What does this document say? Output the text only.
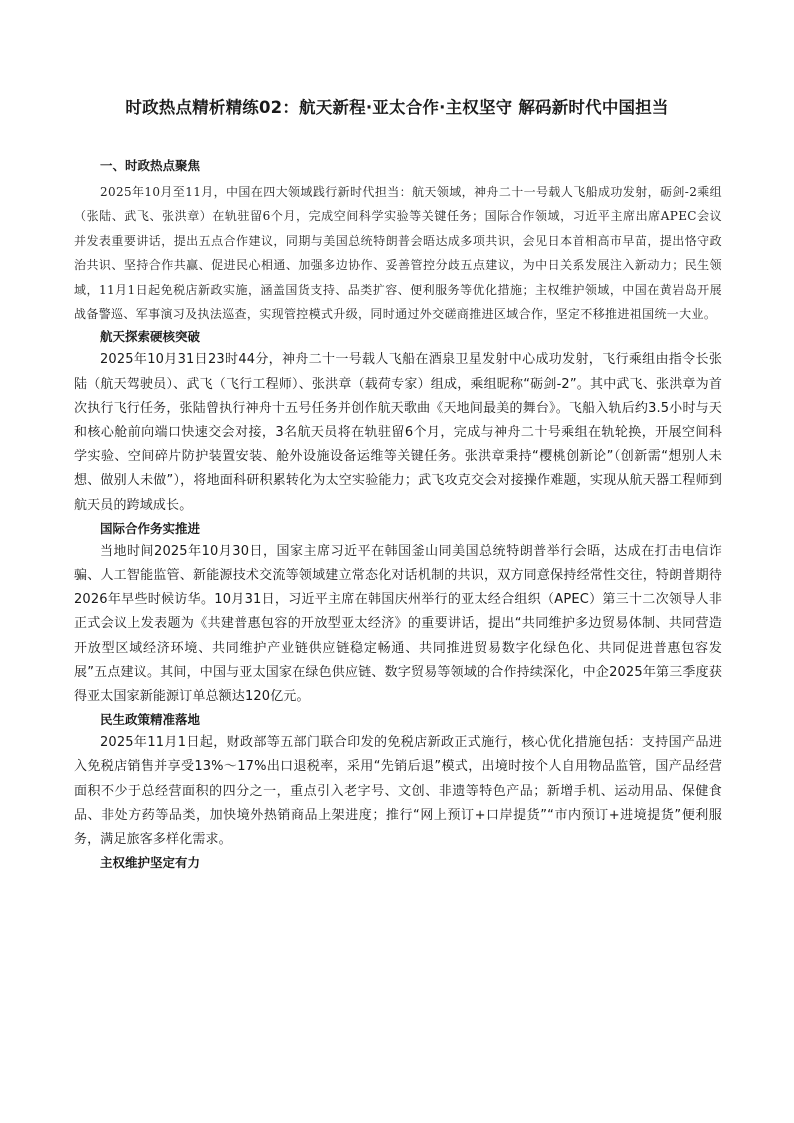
时政热点精析精练02：航天新程·亚太合作·主权坚守 解码新时代中国担当
一、时政热点聚焦

2025年10月至11月，中国在四大领域践行新时代担当：航天领域，神舟二十一号载人飞船成功发射，砺剑-2乘组（张陆、武飞、张洪章）在轨驻留6个月，完成空间科学实验等关键任务；国际合作领域，习近平主席出席APEC会议并发表重要讲话，提出五点合作建议，同期与美国总统特朗普会晤达成多项共识，会见日本首相高市早苗，提出恪守政治共识、坚持合作共赢、促进民心相通、加强多边协作、妥善管控分歧五点建议，为中日关系发展注入新动力；民生领域，11月1日起免税店新政实施，涵盖国货支持、品类扩容、便利服务等优化措施；主权维护领域，中国在黄岩岛开展战备警巡、军事演习及执法巡查，实现管控模式升级，同时通过外交磋商推进区域合作，坚定不移推进祖国统一大业。

航天探索硬核突破

2025年10月31日23时44分，神舟二十一号载人飞船在酒泉卫星发射中心成功发射，飞行乘组由指令长张陆（航天驾驶员）、武飞（飞行工程师）、张洪章（载荷专家）组成，乘组昵称“砺剑-2”。其中武飞、张洪章为首次执行飞行任务，张陆曾执行神舟十五号任务并创作航天歌曲《天地间最美的舞台》。飞船入轨后约3.5小时与天和核心舱前向端口快速交会对接，3名航天员将在轨驻留6个月，完成与神舟二十号乘组在轨轮换，开展空间科学实验、空间碎片防护装置安装、舱外设施设备运维等关键任务。张洪章秉持“樱桃创新论”（创新需“想别人未想、做别人未做”），将地面科研积累转化为太空实验能力；武飞攻克交会对接操作难题，实现从航天器工程师到航天员的跨域成长。

国际合作务实推进

当地时间2025年10月30日，国家主席习近平在韩国釜山同美国总统特朗普举行会晤，达成在打击电信诈骗、人工智能监管、新能源技术交流等领域建立常态化对话机制的共识，双方同意保持经常性交往，特朗普期待2026年早些时候访华。10月31日，习近平主席在韩国庆州举行的亚太经合组织（APEC）第三十二次领导人非正式会议上发表题为《共建普惠包容的开放型亚太经济》的重要讲话，提出“共同维护多边贸易体制、共同营造开放型区域经济环境、共同维护产业链供应链稳定畅通、共同推进贸易数字化绿色化、共同促进普惠包容发展”五点建议。其间，中国与亚太国家在绿色供应链、数字贸易等领域的合作持续深化，中企2025年第三季度获得亚太国家新能源订单总额达120亿元。

民生政策精准落地

2025年11月1日起，财政部等五部门联合印发的免税店新政正式施行，核心优化措施包括：支持国产品进入免税店销售并享受13%～17%出口退税率，采用“先销后退”模式，出境时按个人自用物品监管，国产品经营面积不少于总经营面积的四分之一，重点引入老字号、文创、非遗等特色产品；新增手机、运动用品、保健食品、非处方药等品类，加快境外热销商品上架进度；推行“网上预订+口岸提货”“市内预订+进境提货”便利服务，满足旅客多样化需求。

主权维护坚定有力
